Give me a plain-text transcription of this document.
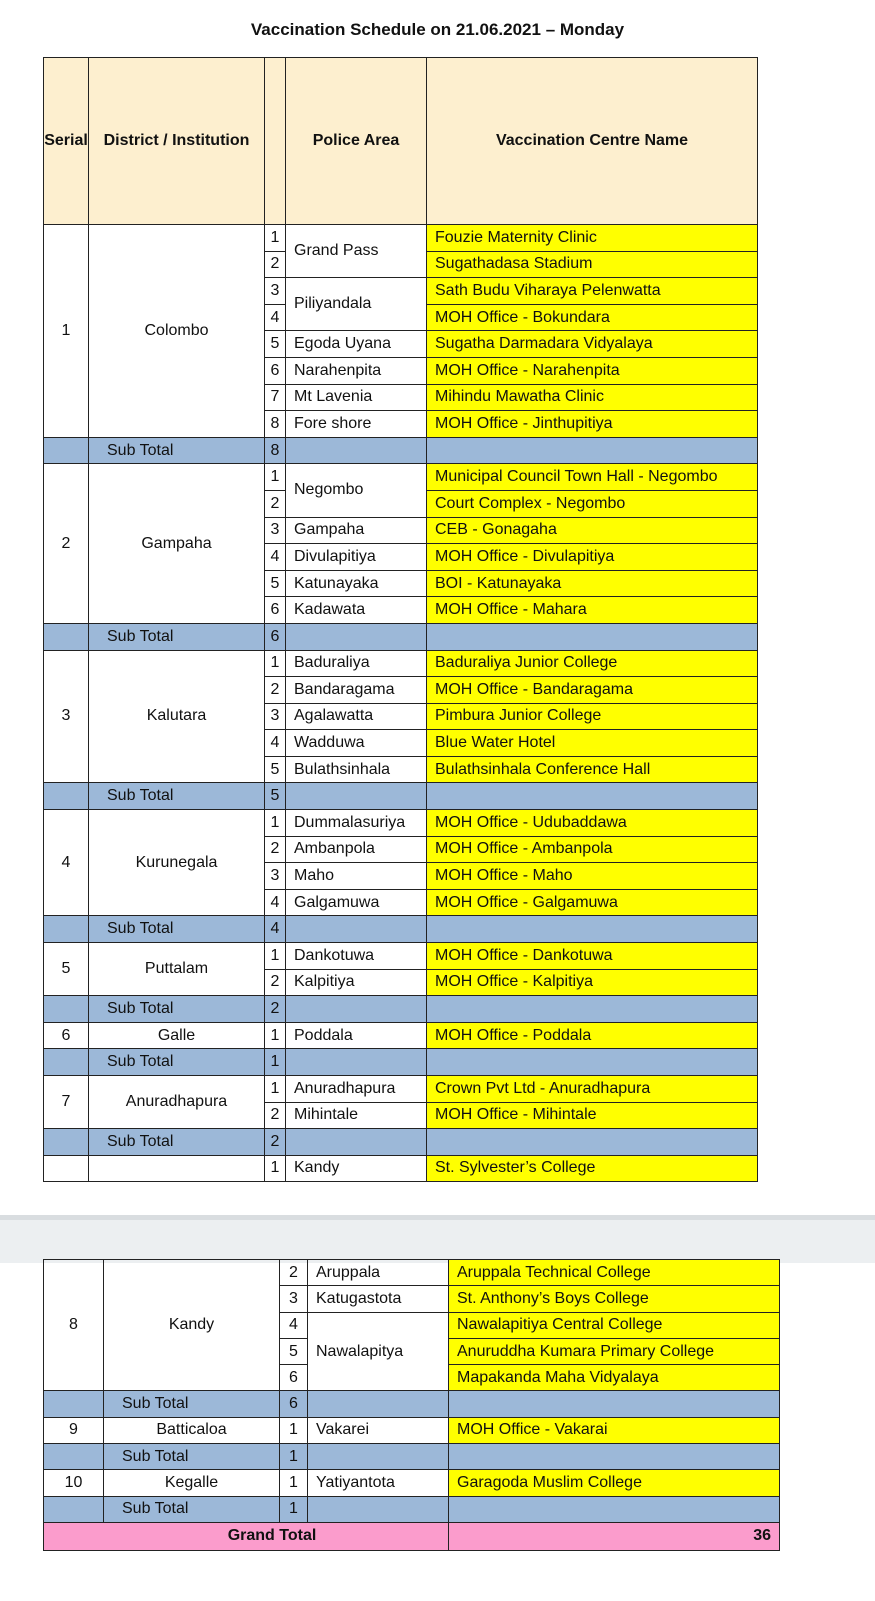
Vaccination Schedule on 21.06.2021 – Monday
Serial	District / Institution		Police Area	Vaccination Centre Name
1	Colombo	1	Grand Pass	Fouzie Maternity Clinic
		2		Sugathadasa Stadium
		3	Piliyandala	Sath Budu Viharaya Pelenwatta
		4		MOH Office - Bokundara
		5	Egoda Uyana	Sugatha Darmadara Vidyalaya
		6	Narahenpita	MOH Office - Narahenpita
		7	Mt Lavenia	Mihindu Mawatha Clinic
		8	Fore shore	MOH Office - Jinthupitiya
	Sub Total	8		
2	Gampaha	1	Negombo	Municipal Council Town Hall - Negombo
		2		Court Complex - Negombo
		3	Gampaha	CEB - Gonagaha
		4	Divulapitiya	MOH Office - Divulapitiya
		5	Katunayaka	BOI - Katunayaka
		6	Kadawata	MOH Office - Mahara
	Sub Total	6		
3	Kalutara	1	Baduraliya	Baduraliya Junior College
		2	Bandaragama	MOH Office - Bandaragama
		3	Agalawatta	Pimbura Junior College
		4	Wadduwa	Blue Water Hotel
		5	Bulathsinhala	Bulathsinhala Conference Hall
	Sub Total	5		
4	Kurunegala	1	Dummalasuriya	MOH Office - Udubaddawa
		2	Ambanpola	MOH Office - Ambanpola
		3	Maho	MOH Office - Maho
		4	Galgamuwa	MOH Office - Galgamuwa
	Sub Total	4		
5	Puttalam	1	Dankotuwa	MOH Office - Dankotuwa
		2	Kalpitiya	MOH Office - Kalpitiya
	Sub Total	2		
6	Galle	1	Poddala	MOH Office - Poddala
	Sub Total	1		
7	Anuradhapura	1	Anuradhapura	Crown Pvt Ltd - Anuradhapura
		2	Mihintale	MOH Office - Mihintale
	Sub Total	2		
		1	Kandy	St. Sylvester’s College
8	Kandy	2	Aruppala	Aruppala Technical College
		3	Katugastota	St. Anthony’s Boys College
		4	Nawalapitya	Nawalapitiya Central College
		5		Anuruddha Kumara Primary College
		6		Mapakanda Maha Vidyalaya
	Sub Total	6		
9	Batticaloa	1	Vakarei	MOH Office - Vakarai
	Sub Total	1		
10	Kegalle	1	Yatiyantota	Garagoda Muslim College
	Sub Total	1		
Grand Total				36
